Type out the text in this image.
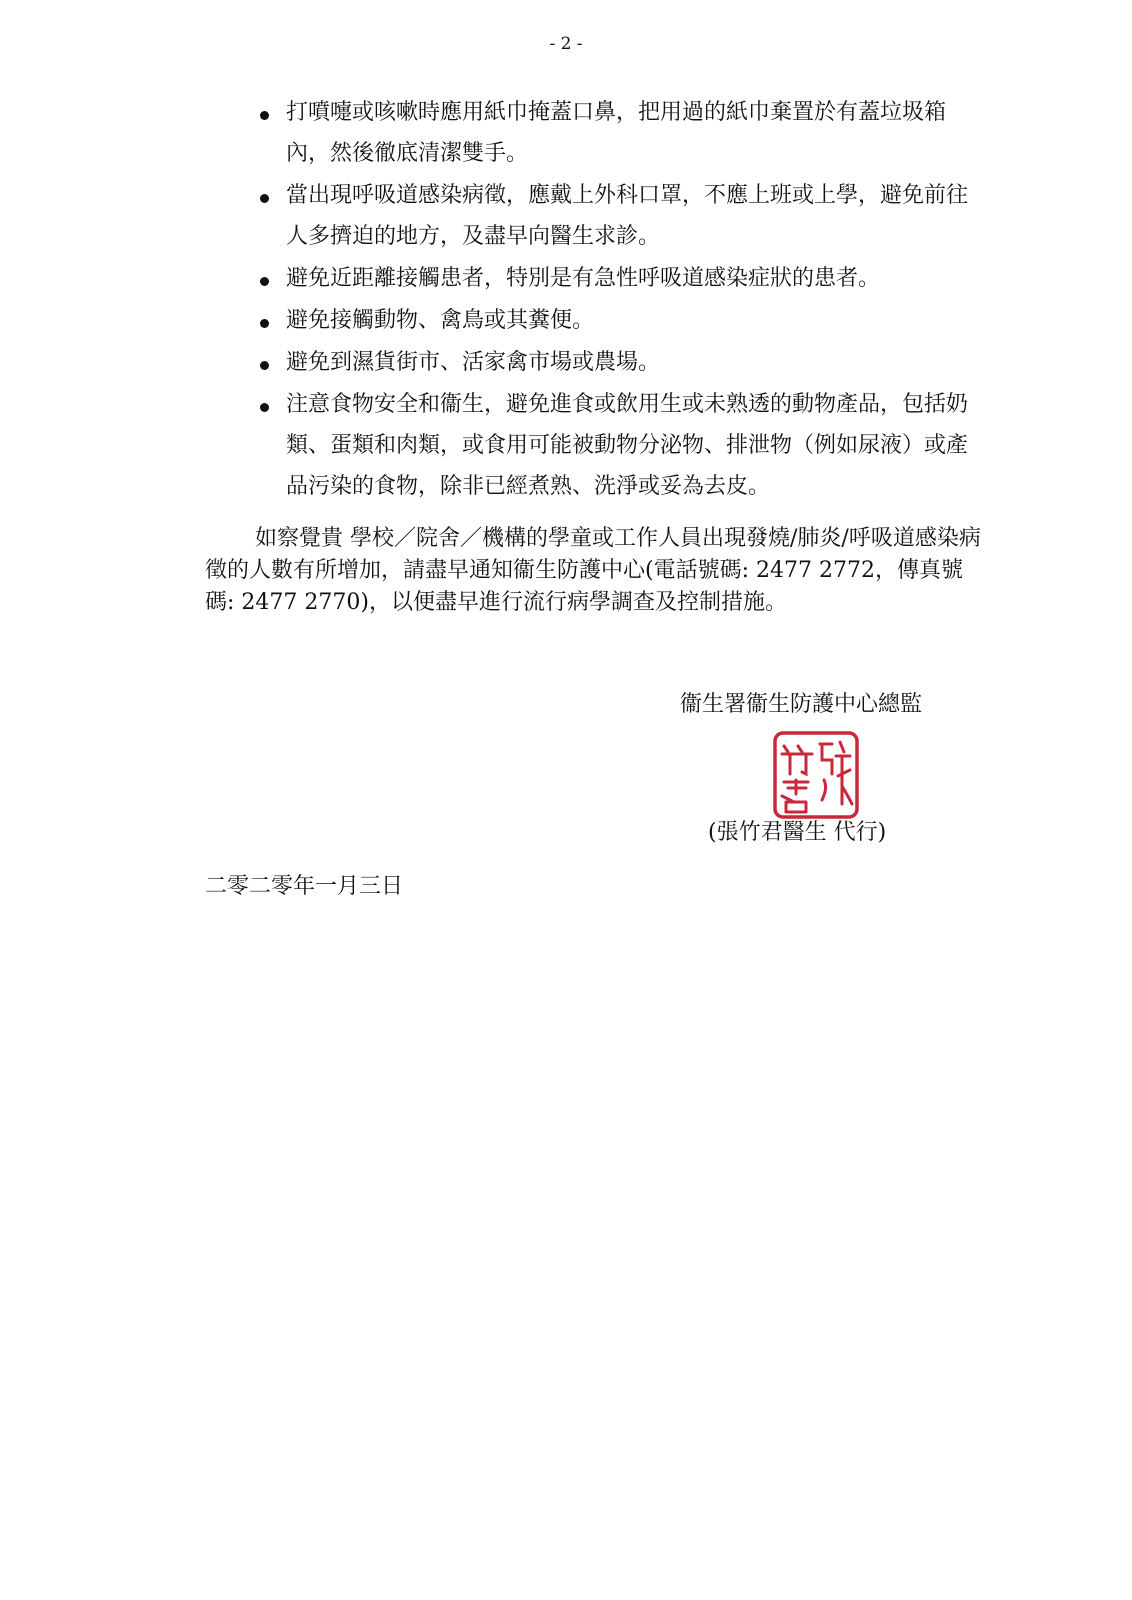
- 2 -
打噴嚏或咳嗽時應用紙巾掩蓋口鼻，把用過的紙巾棄置於有蓋垃圾箱內，然後徹底清潔雙手。
當出現呼吸道感染病徵，應戴上外科口罩，不應上班或上學，避免前往人多擠迫的地方，及盡早向醫生求診。
避免近距離接觸患者，特別是有急性呼吸道感染症狀的患者。
避免接觸動物、禽鳥或其糞便。
避免到濕貨街市、活家禽市場或農場。
注意食物安全和衞生，避免進食或飲用生或未熟透的動物產品，包括奶類、蛋類和肉類，或食用可能被動物分泌物、排泄物（例如尿液）或產品污染的食物，除非已經煮熟、洗淨或妥為去皮。

如察覺貴 學校／院舍／機構的學童或工作人員出現發燒/肺炎/呼吸道感染病徵的人數有所增加，請盡早通知衞生防護中心(電話號碼: 2477 2772，傳真號碼: 2477 2770)，以便盡早進行流行病學調查及控制措施。

衞生署衞生防護中心總監
(張竹君醫生 代行)
二零二零年一月三日
